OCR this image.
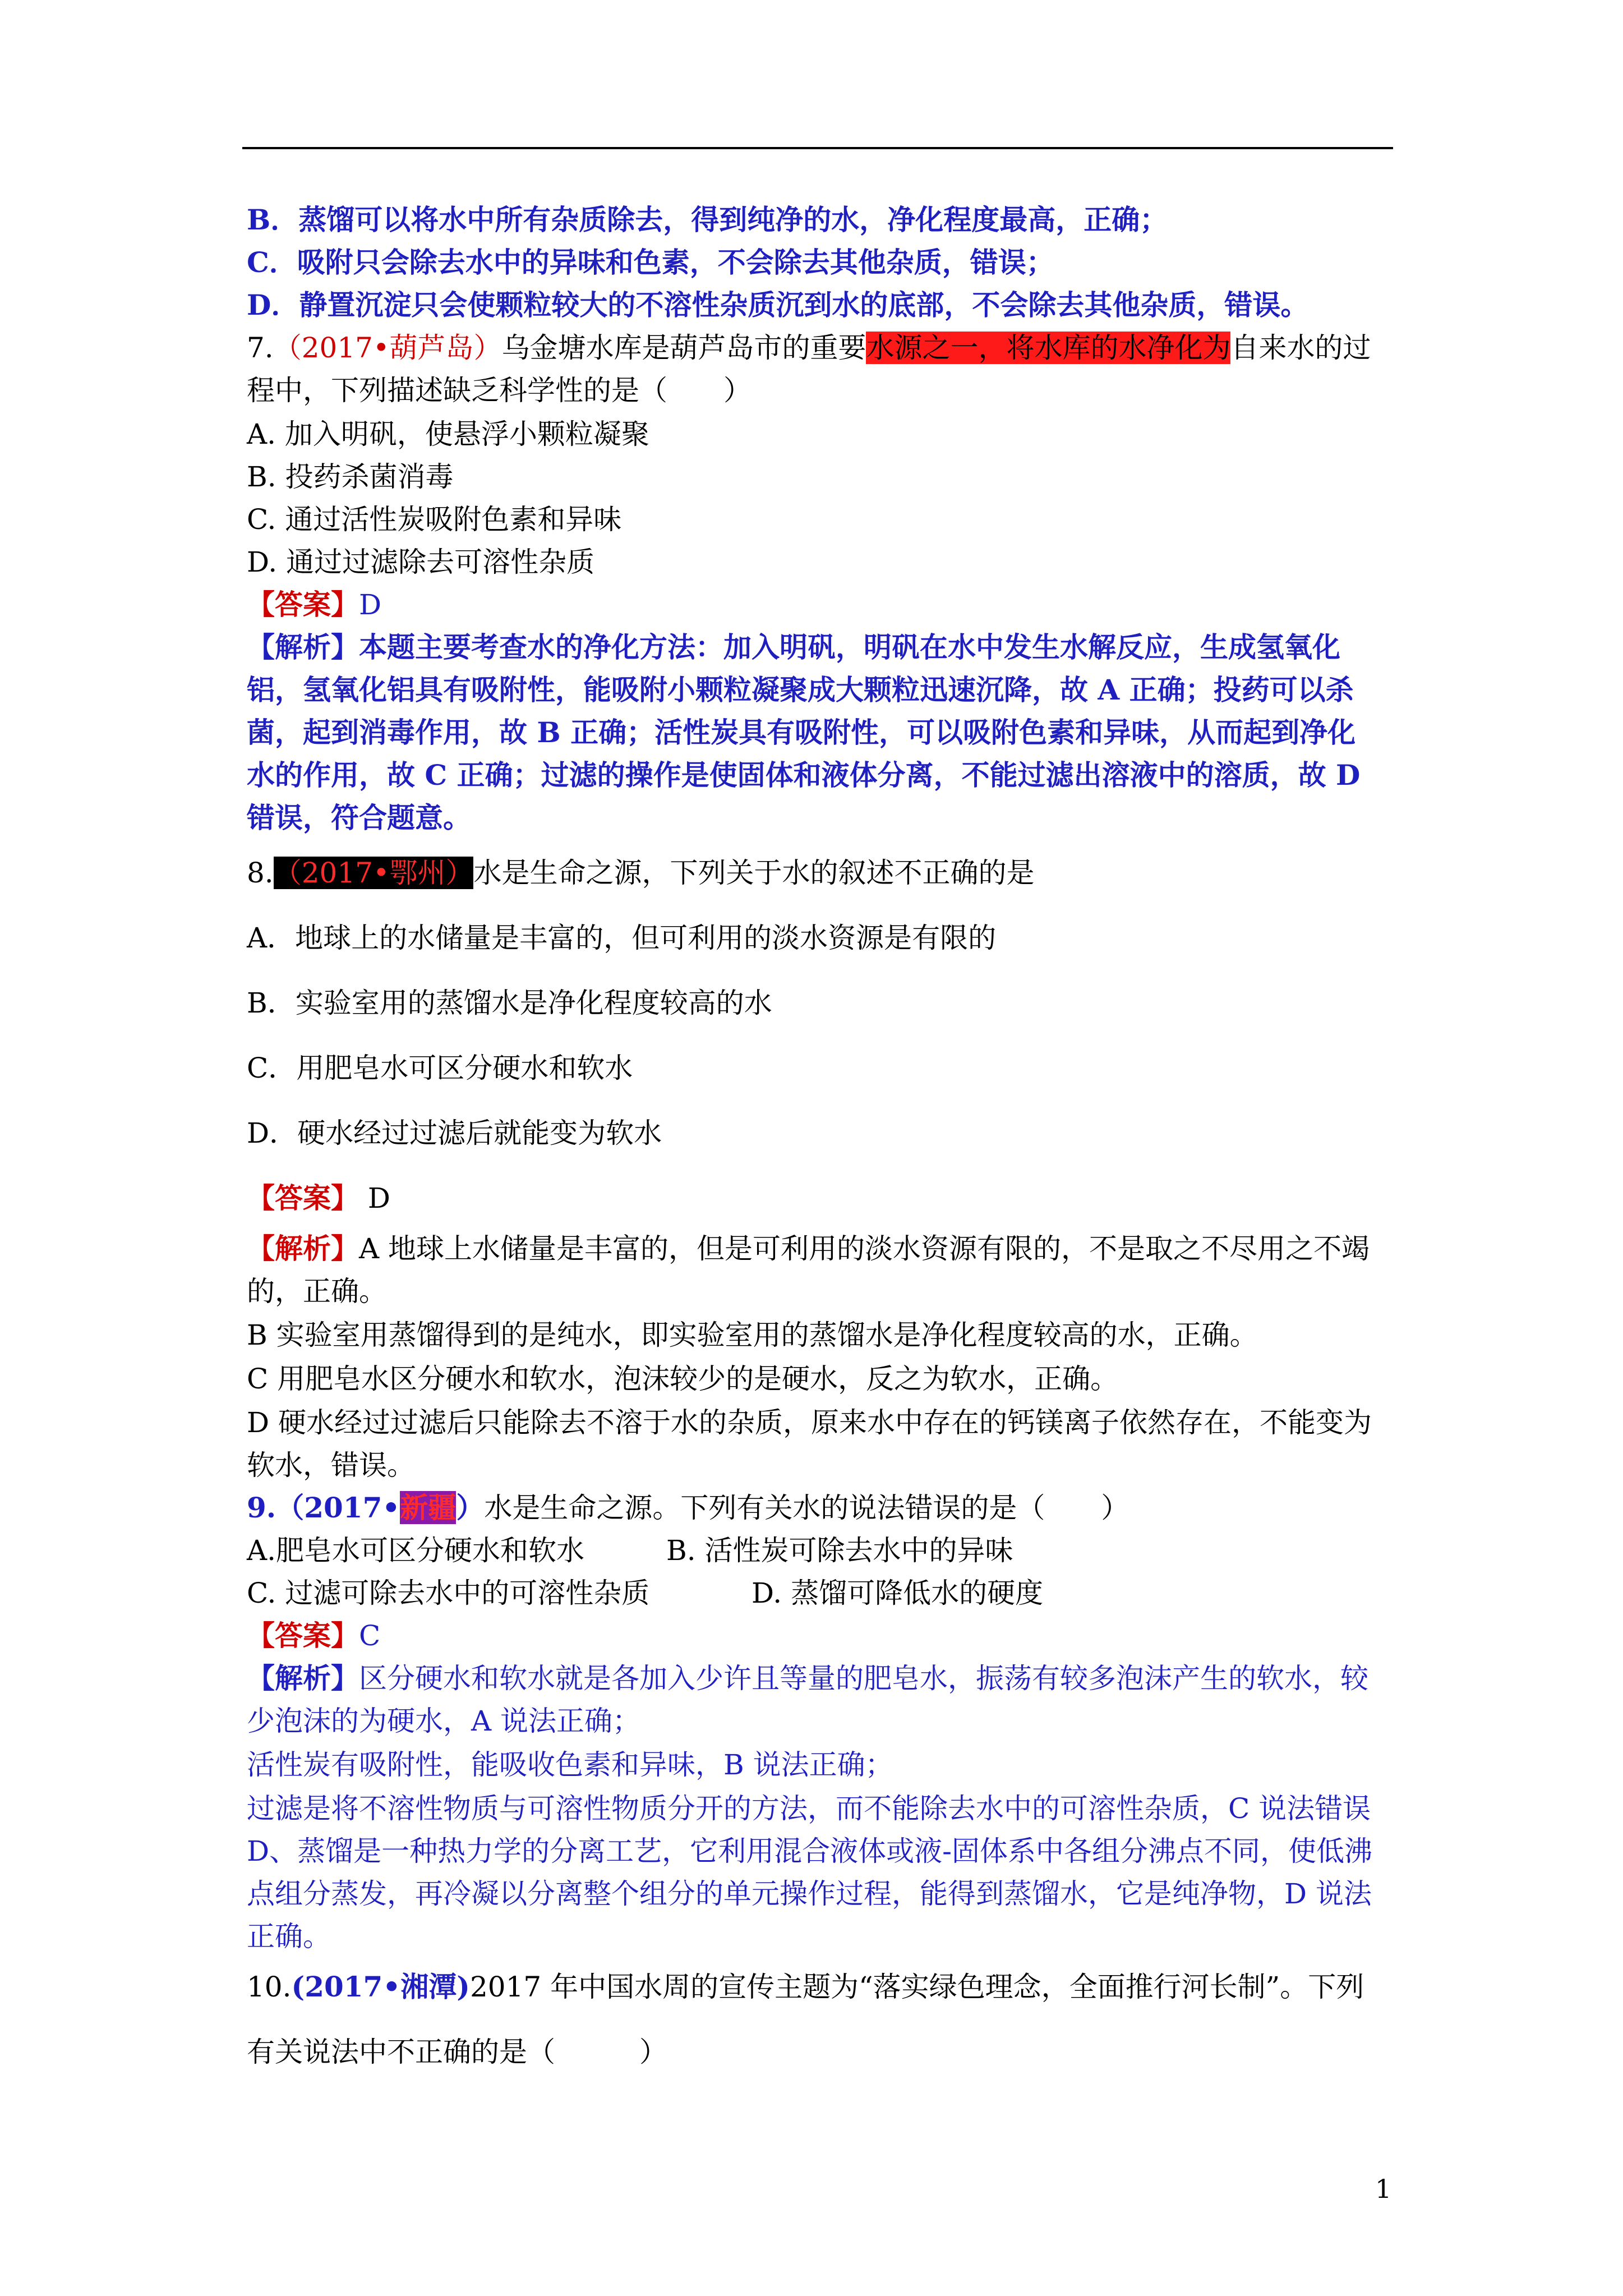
B．蒸馏可以将水中所有杂质除去，得到纯净的水，净化程度最高，正确；
C．吸附只会除去水中的异味和色素，不会除去其他杂质，错误；
D．静置沉淀只会使颗粒较大的不溶性杂质沉到水的底部，不会除去其他杂质，错误。
7.（2017•葫芦岛）乌金塘水库是葫芦岛市的重要水源之一，将水库的水净化为自来水的过
程中，下列描述缺乏科学性的是（　　）
A. 加入明矾，使悬浮小颗粒凝聚
B. 投药杀菌消毒
C. 通过活性炭吸附色素和异味
D. 通过过滤除去可溶性杂质
【答案】D
【解析】本题主要考查水的净化方法：加入明矾，明矾在水中发生水解反应，生成氢氧化
铝，氢氧化铝具有吸附性，能吸附小颗粒凝聚成大颗粒迅速沉降，故 A 正确；投药可以杀
菌，起到消毒作用，故 B 正确；活性炭具有吸附性，可以吸附色素和异味，从而起到净化
水的作用，故 C 正确；过滤的操作是使固体和液体分离，不能过滤出溶液中的溶质，故 D
错误，符合题意。
8.（2017•鄂州）水是生命之源，下列关于水的叙述不正确的是
A．地球上的水储量是丰富的，但可利用的淡水资源是有限的
B．实验室用的蒸馏水是净化程度较高的水
C．用肥皂水可区分硬水和软水
D．硬水经过过滤后就能变为软水
【答案】 D
【解析】A 地球上水储量是丰富的，但是可利用的淡水资源有限的，不是取之不尽用之不竭
的，正确。
B 实验室用蒸馏得到的是纯水，即实验室用的蒸馏水是净化程度较高的水，正确。
C 用肥皂水区分硬水和软水，泡沫较少的是硬水，反之为软水，正确。
D 硬水经过过滤后只能除去不溶于水的杂质，原来水中存在的钙镁离子依然存在，不能变为
软水，错误。
9.（2017•新疆）水是生命之源。下列有关水的说法错误的是（　　）
A.肥皂水可区分硬水和软水	B. 活性炭可除去水中的异味
C. 过滤可除去水中的可溶性杂质	D. 蒸馏可降低水的硬度
【答案】C
【解析】区分硬水和软水就是各加入少许且等量的肥皂水，振荡有较多泡沫产生的软水，较
少泡沫的为硬水，A 说法正确；
活性炭有吸附性，能吸收色素和异味，B 说法正确；
过滤是将不溶性物质与可溶性物质分开的方法，而不能除去水中的可溶性杂质，C 说法错误
D、蒸馏是一种热力学的分离工艺，它利用混合液体或液-固体系中各组分沸点不同，使低沸
点组分蒸发，再冷凝以分离整个组分的单元操作过程，能得到蒸馏水，它是纯净物，D 说法
正确。
10.(2017•湘潭)2017 年中国水周的宣传主题为“落实绿色理念，全面推行河长制”。下列
有关说法中不正确的是（　　　）
1
